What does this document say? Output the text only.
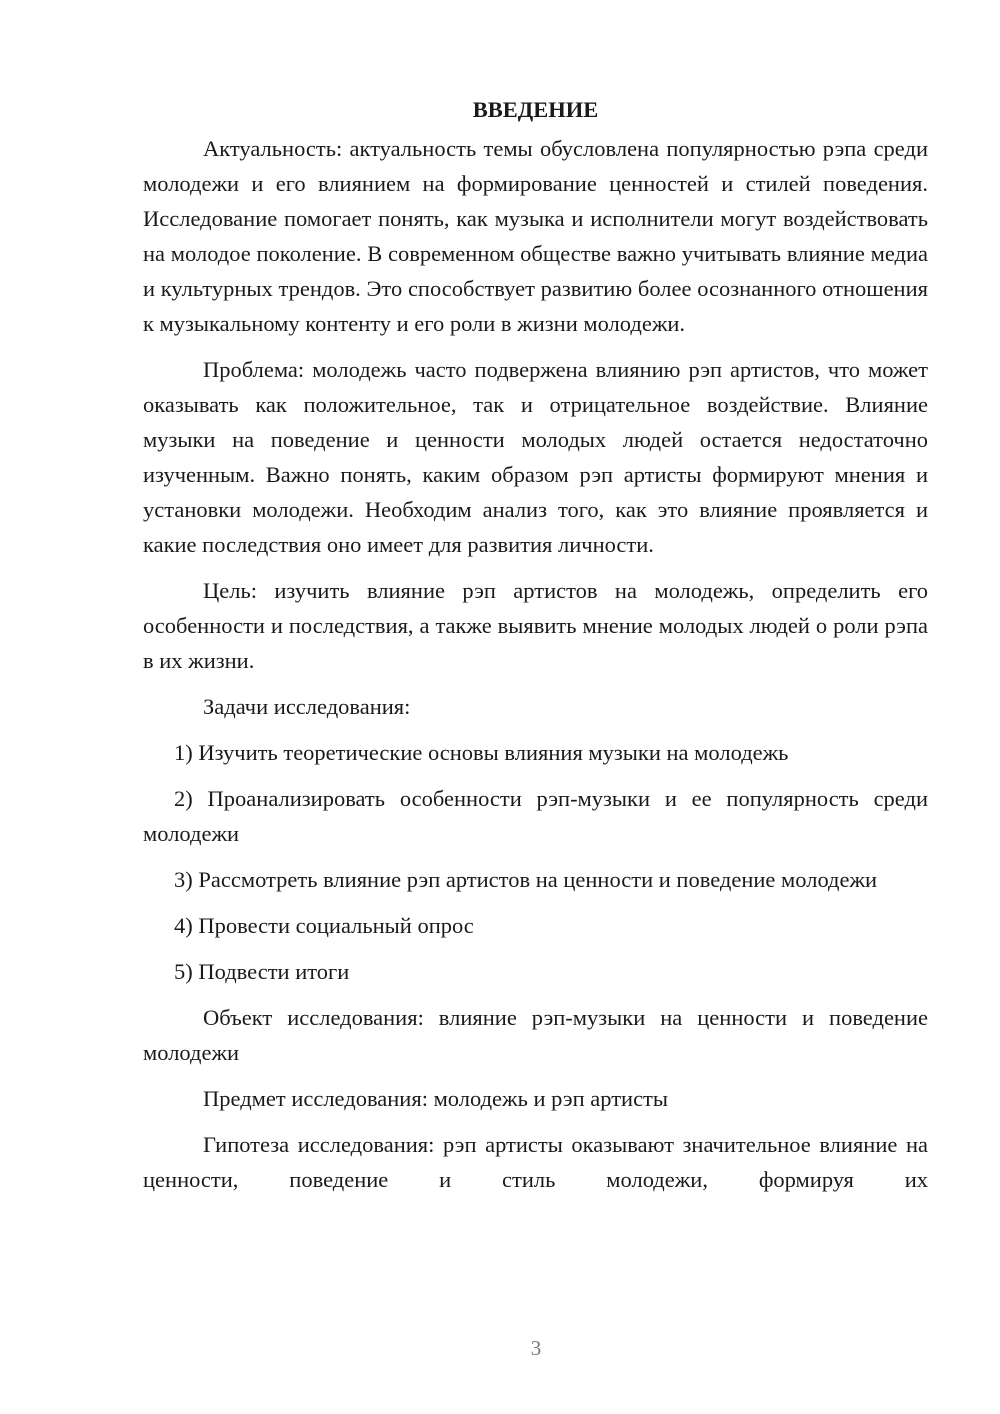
ВВЕДЕНИЕ

Актуальность: актуальность темы обусловлена популярностью рэпа среди молодежи и его влиянием на формирование ценностей и стилей поведения. Исследование помогает понять, как музыка и исполнители могут воздействовать на молодое поколение. В современном обществе важно учитывать влияние медиа и культурных трендов. Это способствует развитию более осознанного отношения к музыкальному контенту и его роли в жизни молодежи.

Проблема: молодежь часто подвержена влиянию рэп артистов, что может оказывать как положительное, так и отрицательное воздействие. Влияние музыки на поведение и ценности молодых людей остается недостаточно изученным. Важно понять, каким образом рэп артисты формируют мнения и установки молодежи. Необходим анализ того, как это влияние проявляется и какие последствия оно имеет для развития личности.

Цель: изучить влияние рэп артистов на молодежь, определить его особенности и последствия, а также выявить мнение молодых людей о роли рэпа в их жизни.

Задачи исследования:

1) Изучить теоретические основы влияния музыки на молодежь

2) Проанализировать особенности рэп-музыки и ее популярность среди молодежи

3) Рассмотреть влияние рэп артистов на ценности и поведение молодежи

4) Провести социальный опрос

5) Подвести итоги

Объект исследования: влияние рэп-музыки на ценности и поведение молодежи

Предмет исследования: молодежь и рэп артисты

Гипотеза исследования: рэп артисты оказывают значительное влияние на ценности, поведение и стиль молодежи, формируя их

3
